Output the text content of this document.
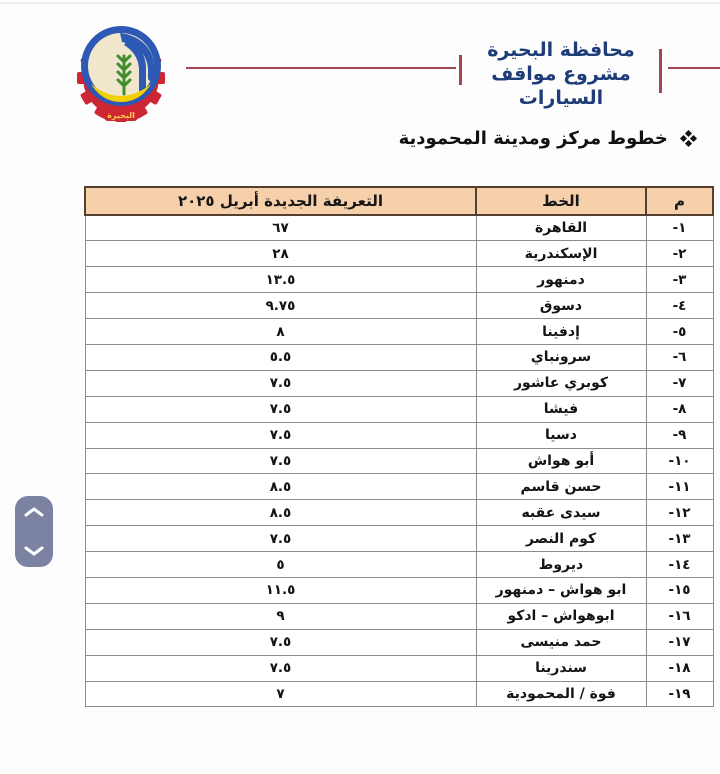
البحيرة
محافظة البحيرة
مشروع مواقف السيارات
خطوط مركز ومدينة المحمودية
م	الخط	التعريفة الجديدة أبريل ٢٠٢٥
١-	القاهرة	٦٧
٢-	الإسكندرية	٢٨
٣-	دمنهور	١٣.٥
٤-	دسوق	٩.٧٥
٥-	إدفينا	٨
٦-	سرونباي	٥.٥
٧-	كوبري عاشور	٧.٥
٨-	فيشا	٧.٥
٩-	دسيا	٧.٥
١٠-	أبو هواش	٧.٥
١١-	حسن قاسم	٨.٥
١٢-	سيدى عقبه	٨.٥
١٣-	كوم النصر	٧.٥
١٤-	ديروط	٥
١٥-	ابو هواش – دمنهور	١١.٥
١٦-	ابوهواش – ادكو	٩
١٧-	حمد منيسى	٧.٥
١٨-	سندرينا	٧.٥
١٩-	فوة / المحمودية	٧
